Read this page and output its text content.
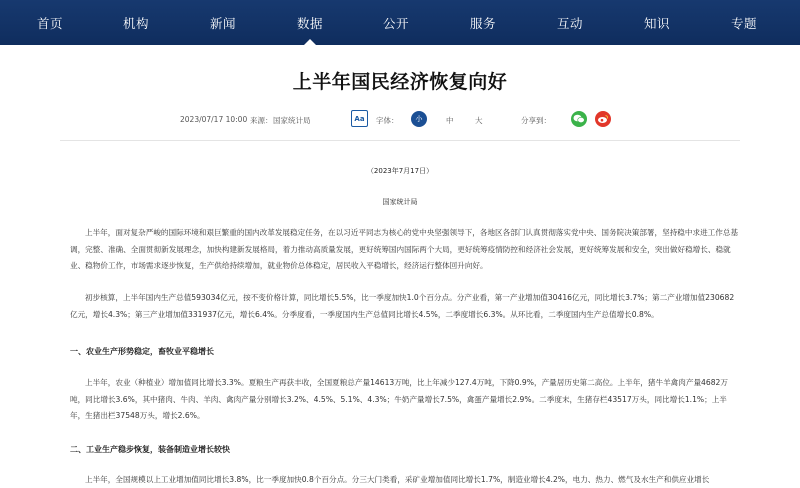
首页	机构	新闻	数据	公开	服务	互动	知识	专题
上半年国民经济恢复向好
2023/07/17 10:00 来源： 国家统计局	Aa	字体：	小	中	大	分享到：
（2023年7月17日）
国家统计局
上半年，面对复杂严峻的国际环境和艰巨繁重的国内改革发展稳定任务，在以习近平同志为核心的党中央坚强领导下，各地区各部门认真贯彻落实党中央、国务院决策部署，坚持稳中求进工作总基调，完整、准确、全面贯彻新发展理念，加快构建新发展格局，着力推动高质量发展，更好统筹国内国际两个大局，更好统筹疫情防控和经济社会发展，更好统筹发展和安全，突出做好稳增长、稳就业、稳物价工作，市场需求逐步恢复，生产供给持续增加，就业物价总体稳定，居民收入平稳增长，经济运行整体回升向好。
初步核算，上半年国内生产总值593034亿元，按不变价格计算，同比增长5.5%，比一季度加快1.0个百分点。分产业看，第一产业增加值30416亿元，同比增长3.7%；第二产业增加值230682亿元，增长4.3%；第三产业增加值331937亿元，增长6.4%。分季度看，一季度国内生产总值同比增长4.5%，二季度增长6.3%。从环比看，二季度国内生产总值增长0.8%。
一、农业生产形势稳定，畜牧业平稳增长
上半年，农业（种植业）增加值同比增长3.3%。夏粮生产再获丰收，全国夏粮总产量14613万吨，比上年减少127.4万吨，下降0.9%，产量居历史第二高位。上半年，猪牛羊禽肉产量4682万吨，同比增长3.6%，其中猪肉、牛肉、羊肉、禽肉产量分别增长3.2%、4.5%、5.1%、4.3%；牛奶产量增长7.5%，禽蛋产量增长2.9%。二季度末，生猪存栏43517万头，同比增长1.1%；上半年，生猪出栏37548万头，增长2.6%。
二、工业生产稳步恢复，装备制造业增长较快
上半年，全国规模以上工业增加值同比增长3.8%，比一季度加快0.8个百分点。分三大门类看，采矿业增加值同比增长1.7%，制造业增长4.2%，电力、热力、燃气及水生产和供应业增长
